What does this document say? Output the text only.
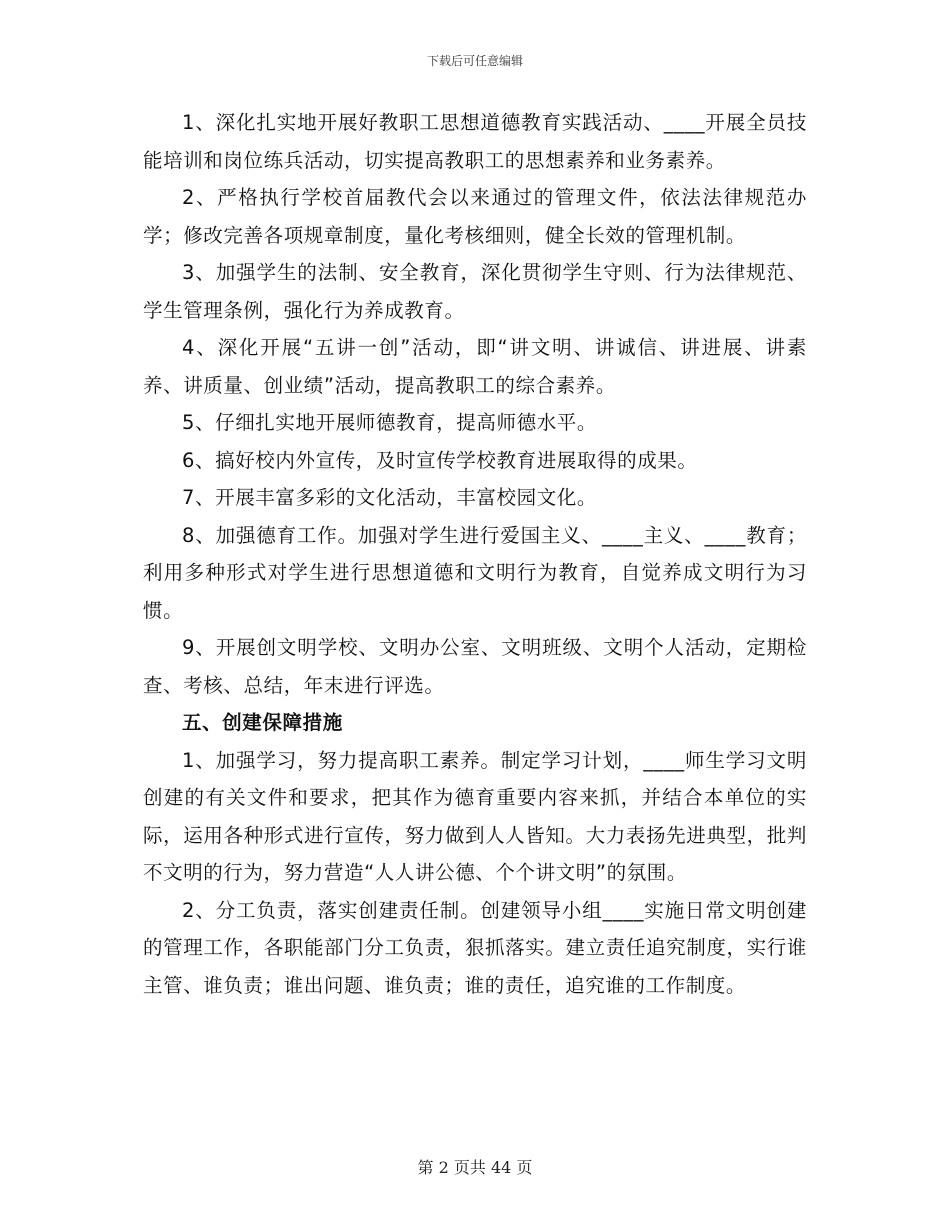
下载后可任意编辑

1、深化扎实地开展好教职工思想道德教育实践活动、____开展全员技能培训和岗位练兵活动，切实提高教职工的思想素养和业务素养。

2、严格执行学校首届教代会以来通过的管理文件，依法法律规范办学；修改完善各项规章制度，量化考核细则，健全长效的管理机制。

3、加强学生的法制、安全教育，深化贯彻学生守则、行为法律规范、学生管理条例，强化行为养成教育。

4、深化开展“五讲一创”活动，即“讲文明、讲诚信、讲进展、讲素养、讲质量、创业绩”活动，提高教职工的综合素养。

5、仔细扎实地开展师德教育，提高师德水平。

6、搞好校内外宣传，及时宣传学校教育进展取得的成果。

7、开展丰富多彩的文化活动，丰富校园文化。

8、加强德育工作。加强对学生进行爱国主义、____主义、____教育；利用多种形式对学生进行思想道德和文明行为教育，自觉养成文明行为习惯。

9、开展创文明学校、文明办公室、文明班级、文明个人活动，定期检查、考核、总结，年末进行评选。

五、创建保障措施

1、加强学习，努力提高职工素养。制定学习计划，____师生学习文明创建的有关文件和要求，把其作为德育重要内容来抓，并结合本单位的实际，运用各种形式进行宣传，努力做到人人皆知。大力表扬先进典型，批判不文明的行为，努力营造“人人讲公德、个个讲文明”的氛围。

2、分工负责，落实创建责任制。创建领导小组____实施日常文明创建的管理工作，各职能部门分工负责，狠抓落实。建立责任追究制度，实行谁主管、谁负责；谁出问题、谁负责；谁的责任，追究谁的工作制度。

第 2 页共 44 页
